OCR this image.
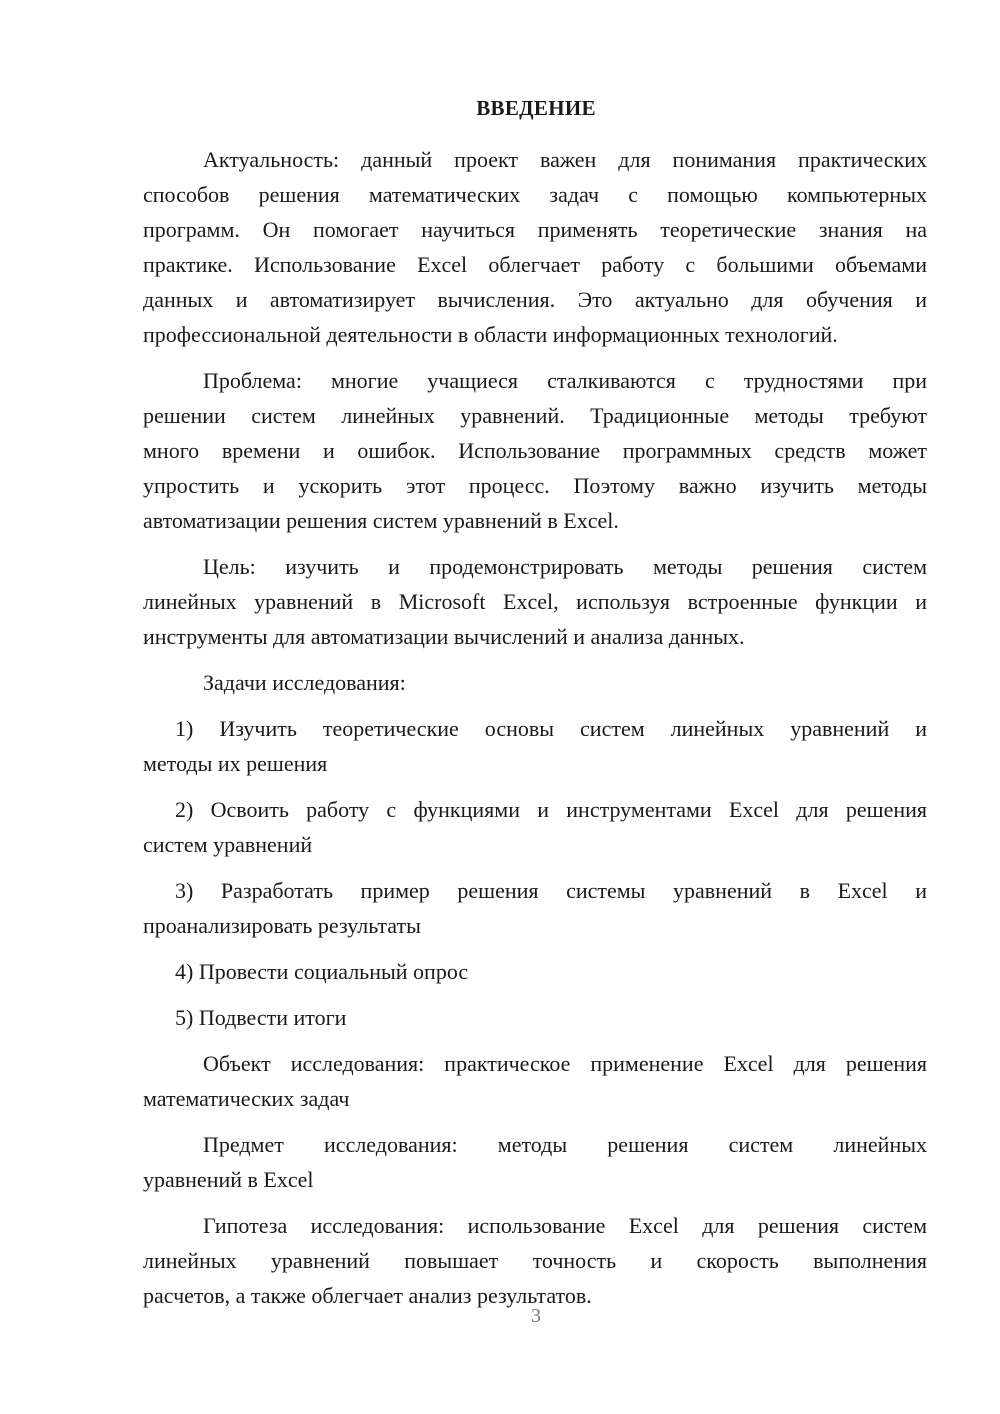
ВВЕДЕНИЕ
Актуальность: данный проект важен для понимания практических
способов решения математических задач с помощью компьютерных
программ. Он помогает научиться применять теоретические знания на
практике. Использование Excel облегчает работу с большими объемами
данных и автоматизирует вычисления. Это актуально для обучения и
профессиональной деятельности в области информационных технологий.
Проблема: многие учащиеся сталкиваются с трудностями при
решении систем линейных уравнений. Традиционные методы требуют
много времени и ошибок. Использование программных средств может
упростить и ускорить этот процесс. Поэтому важно изучить методы
автоматизации решения систем уравнений в Excel.
Цель: изучить и продемонстрировать методы решения систем
линейных уравнений в Microsoft Excel, используя встроенные функции и
инструменты для автоматизации вычислений и анализа данных.
Задачи исследования:
1) Изучить теоретические основы систем линейных уравнений и
методы их решения
2) Освоить работу с функциями и инструментами Excel для решения
систем уравнений
3) Разработать пример решения системы уравнений в Excel и
проанализировать результаты
4) Провести социальный опрос
5) Подвести итоги
Объект исследования: практическое применение Excel для решения
математических задач
Предмет исследования: методы решения систем линейных
уравнений в Excel
Гипотеза исследования: использование Excel для решения систем
линейных уравнений повышает точность и скорость выполнения
расчетов, а также облегчает анализ результатов.
3
